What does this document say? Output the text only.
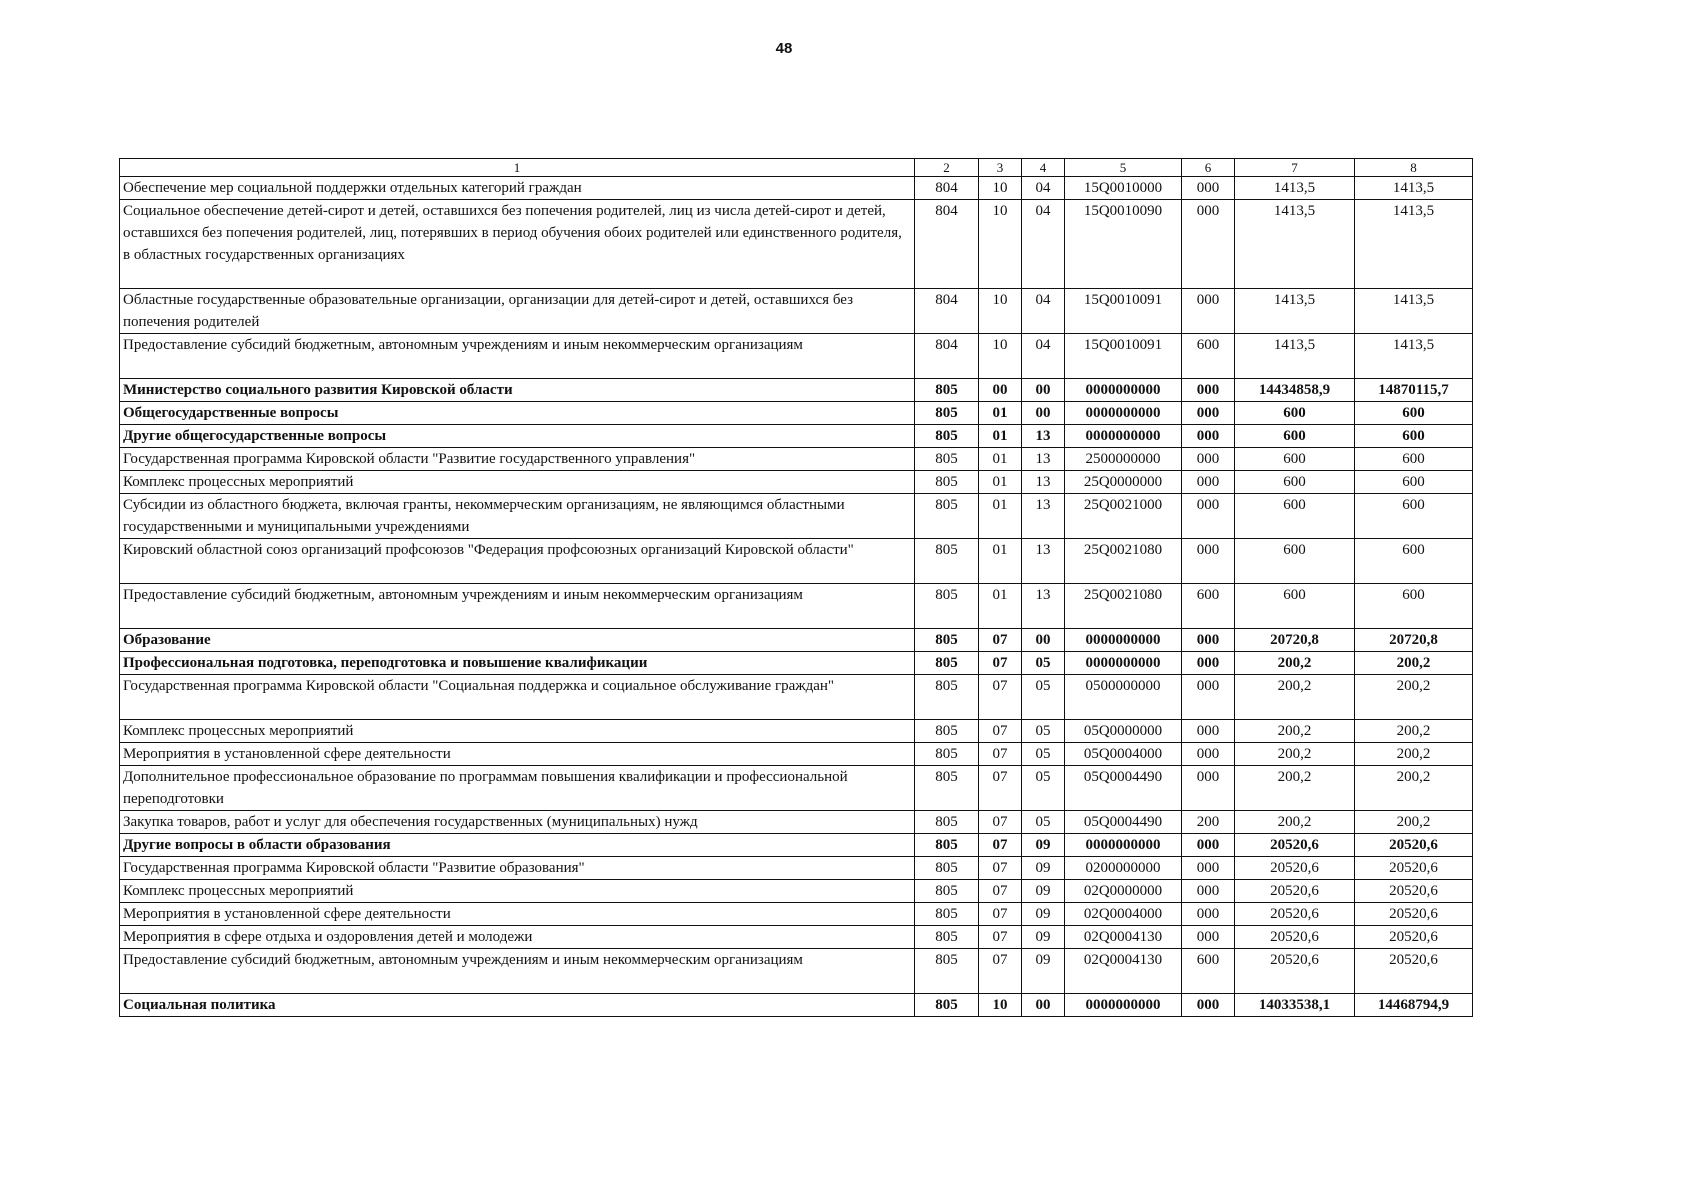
48
1	2	3	4	5	6	7	8
Обеспечение мер социальной поддержки отдельных категорий граждан	804	10	04	15Q0010000	000	1413,5	1413,5
Социальное обеспечение детей-сирот и детей, оставшихся без попечения родителей, лиц из числа детей-сирот и детей, оставшихся без попечения родителей, лиц, потерявших в период обучения обоих родителей или единственного родителя, в областных государственных организациях	804	10	04	15Q0010090	000	1413,5	1413,5
Областные государственные образовательные организации, организации для детей-сирот и детей, оставшихся без попечения родителей	804	10	04	15Q0010091	000	1413,5	1413,5
Предоставление субсидий бюджетным, автономным учреждениям и иным некоммерческим организациям	804	10	04	15Q0010091	600	1413,5	1413,5
Министерство социального развития Кировской области	805	00	00	0000000000	000	14434858,9	14870115,7
Общегосударственные вопросы	805	01	00	0000000000	000	600	600
Другие общегосударственные вопросы	805	01	13	0000000000	000	600	600
Государственная программа Кировской области "Развитие государственного управления"	805	01	13	2500000000	000	600	600
Комплекс процессных мероприятий	805	01	13	25Q0000000	000	600	600
Субсидии из областного бюджета, включая гранты, некоммерческим организациям, не являющимся областными государственными и муниципальными учреждениями	805	01	13	25Q0021000	000	600	600
Кировский областной союз организаций профсоюзов "Федерация профсоюзных организаций Кировской области"	805	01	13	25Q0021080	000	600	600
Предоставление субсидий бюджетным, автономным учреждениям и иным некоммерческим организациям	805	01	13	25Q0021080	600	600	600
Образование	805	07	00	0000000000	000	20720,8	20720,8
Профессиональная подготовка, переподготовка и повышение квалификации	805	07	05	0000000000	000	200,2	200,2
Государственная программа Кировской области "Социальная поддержка и социальное обслуживание граждан"	805	07	05	0500000000	000	200,2	200,2
Комплекс процессных мероприятий	805	07	05	05Q0000000	000	200,2	200,2
Мероприятия в установленной сфере деятельности	805	07	05	05Q0004000	000	200,2	200,2
Дополнительное профессиональное образование по программам повышения квалификации и профессиональной переподготовки	805	07	05	05Q0004490	000	200,2	200,2
Закупка товаров, работ и услуг для обеспечения государственных (муниципальных) нужд	805	07	05	05Q0004490	200	200,2	200,2
Другие вопросы в области образования	805	07	09	0000000000	000	20520,6	20520,6
Государственная программа Кировской области "Развитие образования"	805	07	09	0200000000	000	20520,6	20520,6
Комплекс процессных мероприятий	805	07	09	02Q0000000	000	20520,6	20520,6
Мероприятия в установленной сфере деятельности	805	07	09	02Q0004000	000	20520,6	20520,6
Мероприятия в сфере отдыха и оздоровления детей и молодежи	805	07	09	02Q0004130	000	20520,6	20520,6
Предоставление субсидий бюджетным, автономным учреждениям и иным некоммерческим организациям	805	07	09	02Q0004130	600	20520,6	20520,6
Социальная политика	805	10	00	0000000000	000	14033538,1	14468794,9
